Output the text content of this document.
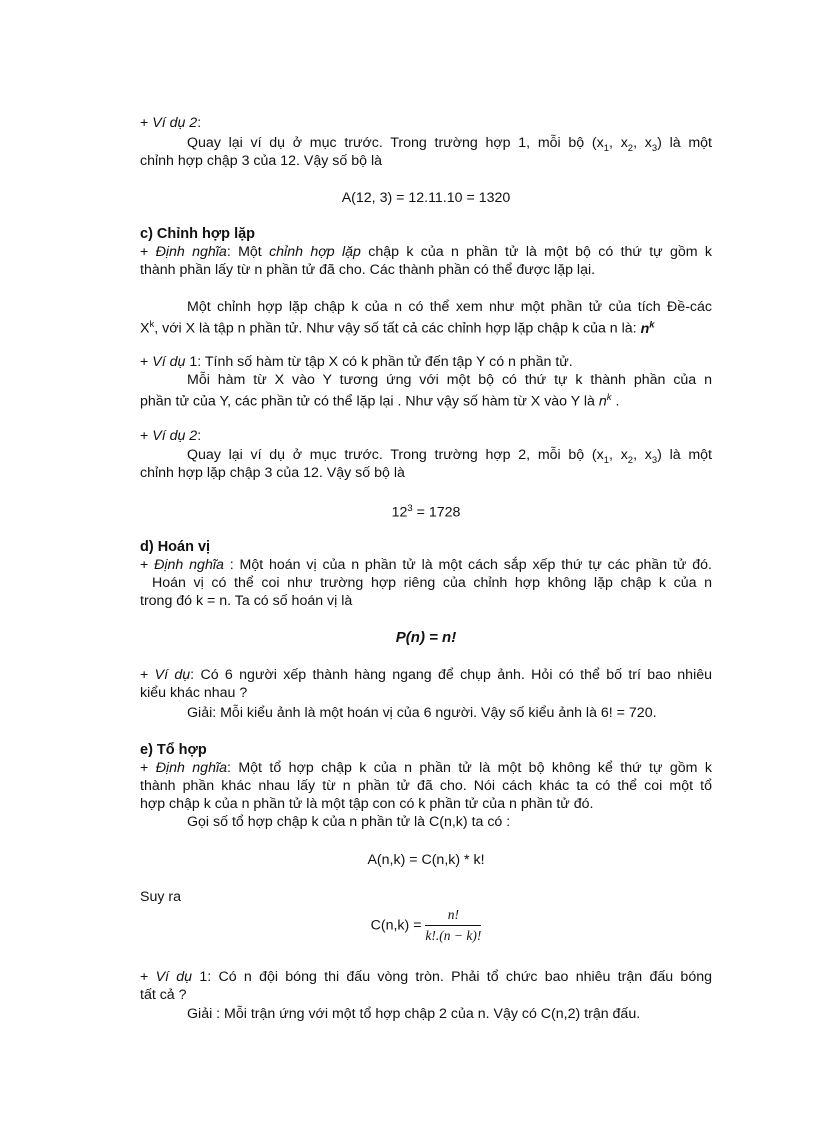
+ Ví dụ 2:
Quay lại ví dụ ở mục trước. Trong trường hợp 1, mỗi bộ ($x_1$, $x_2$, $x_3$) là một
chỉnh hợp chập 3 của 12. Vậy số bộ là
A(12, 3) = 12.11.10 = 1320
c) Chỉnh hợp lặp
+ Định nghĩa: Một chỉnh hợp lặp chập k của n phần tử là một bộ có thứ tự gồm k
thành phần lấy từ n phần tử đã cho. Các thành phần có thể được lặp lại.
Một chỉnh hợp lặp chập k của n có thể xem như một phần tử của tích Đề-các
$X^k$, với X là tập n phần tử. Như vậy số tất cả các chỉnh hợp lặp chập k của n là: $n^k$
+ Ví dụ 1: Tính số hàm từ tập X có k phần tử đến tập Y có n phần tử.
Mỗi hàm từ X vào Y tương ứng với một bộ có thứ tự k thành phần của n
phần tử của Y, các phần tử có thể lặp lại . Như vậy số hàm từ X vào Y là $n^k$ .
+ Ví dụ 2:
Quay lại ví dụ ở mục trước. Trong trường hợp 2, mỗi bộ ($x_1$, $x_2$, $x_3$) là một
chỉnh hợp lặp chập 3 của 12. Vậy số bộ là
$12^3 = 1728$
d) Hoán vị
+ Định nghĩa : Một hoán vị của n phần tử là một cách sắp xếp thứ tự các phần tử đó.
Hoán vị có thể coi như trường hợp riêng của chỉnh hợp không lặp chập k của n
trong đó k = n. Ta có số hoán vị là
P(n) = n!
+ Ví dụ: Có 6 người xếp thành hàng ngang để chụp ảnh. Hỏi có thể bố trí bao nhiêu
kiểu khác nhau ?
Giải: Mỗi kiểu ảnh là một hoán vị của 6 người. Vậy số kiểu ảnh là 6! = 720.
e) Tổ hợp
+ Định nghĩa: Một tổ hợp chập k của n phần tử là một bộ không kể thứ tự gồm k
thành phần khác nhau lấy từ n phần tử đã cho. Nói cách khác ta có thể coi một tổ
hợp chập k của n phần tử là một tập con có k phần tử của n phần tử đó.
Gọi số tổ hợp chập k của n phần tử là C(n,k) ta có :
A(n,k) = C(n,k) * k!
Suy ra
$C(n,k) = \frac{n!}{k!.(n - k)!}$
+ Ví dụ 1: Có n đội bóng thi đấu vòng tròn. Phải tổ chức bao nhiêu trận đấu bóng
tất cả ?
Giải : Mỗi trận ứng với một tổ hợp chập 2 của n. Vậy có C(n,2) trận đấu.
